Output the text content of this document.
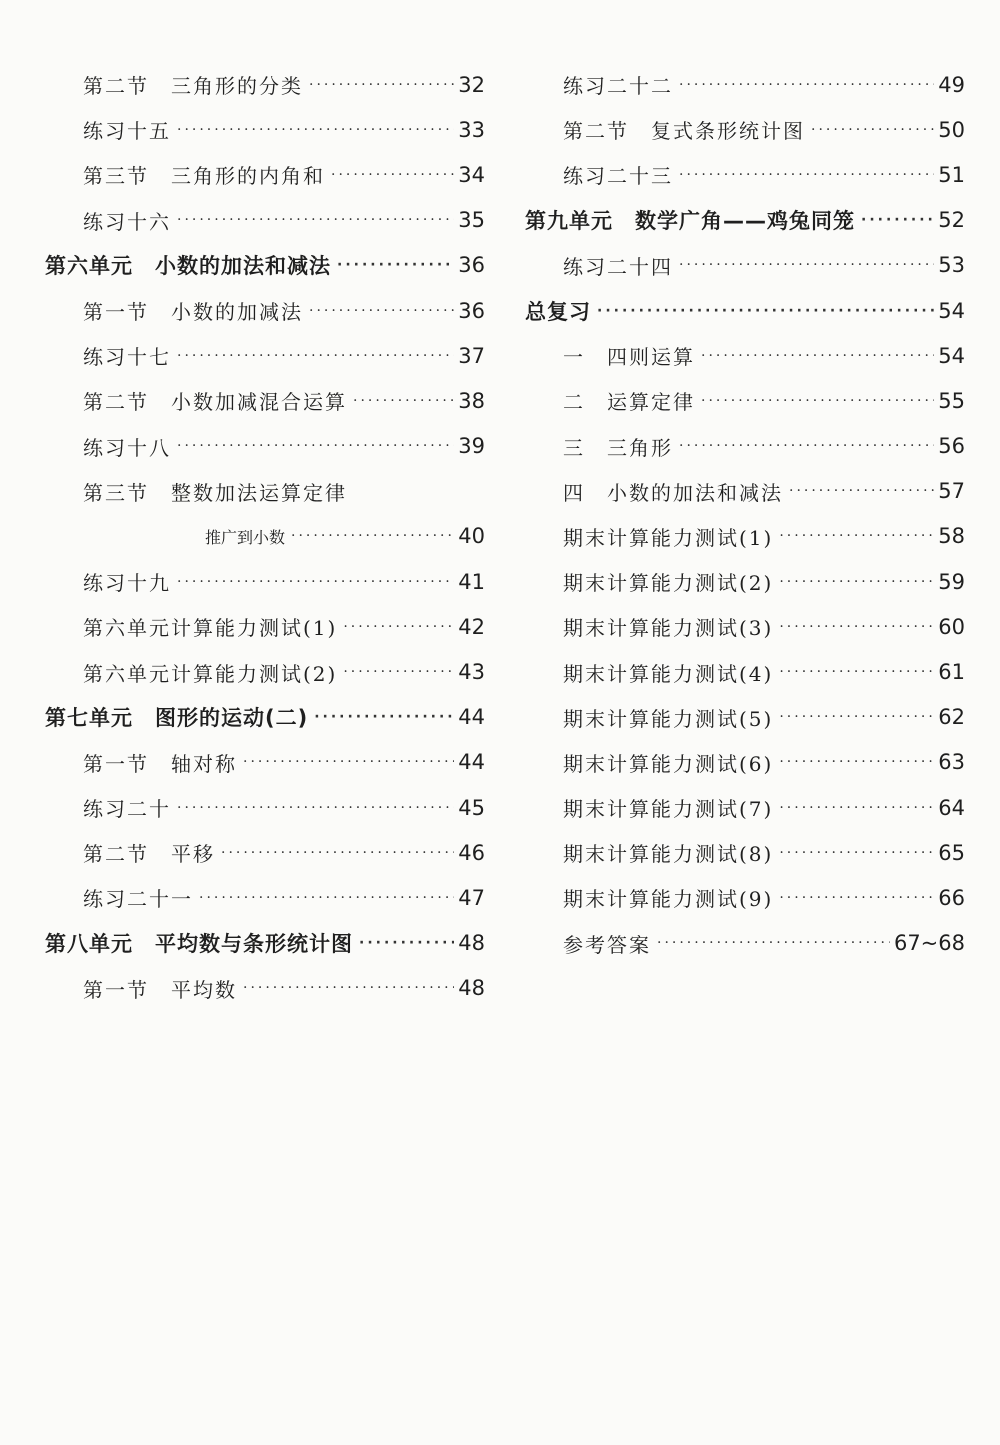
第二节　三角形的分类 ·····	32
练习十五 ·····	33
第三节　三角形的内角和 ·····	34
练习十六 ·····	35
第六单元　小数的加法和减法 ·····	36
第一节　小数的加减法 ·····	36
练习十七 ·····	37
第二节　小数加减混合运算 ·····	38
练习十八 ·····	39
第三节　整数加法运算定律
推广到小数 ·····	40
练习十九 ·····	41
第六单元计算能力测试(1) ·····	42
第六单元计算能力测试(2) ·····	43
第七单元　图形的运动(二) ·····	44
第一节　轴对称 ·····	44
练习二十 ·····	45
第二节　平移 ·····	46
练习二十一 ·····	47
第八单元　平均数与条形统计图 ·····	48
第一节　平均数 ·····	48
练习二十二 ·····	49
第二节　复式条形统计图 ·····	50
练习二十三 ·····	51
第九单元　数学广角——鸡兔同笼 ·····	52
练习二十四 ·····	53
总复习 ·····	54
一　四则运算 ·····	54
二　运算定律 ·····	55
三　三角形 ·····	56
四　小数的加法和减法 ·····	57
期末计算能力测试(1) ·····	58
期末计算能力测试(2) ·····	59
期末计算能力测试(3) ·····	60
期末计算能力测试(4) ·····	61
期末计算能力测试(5) ·····	62
期末计算能力测试(6) ·····	63
期末计算能力测试(7) ·····	64
期末计算能力测试(8) ·····	65
期末计算能力测试(9) ·····	66
参考答案 ·····	67~68
